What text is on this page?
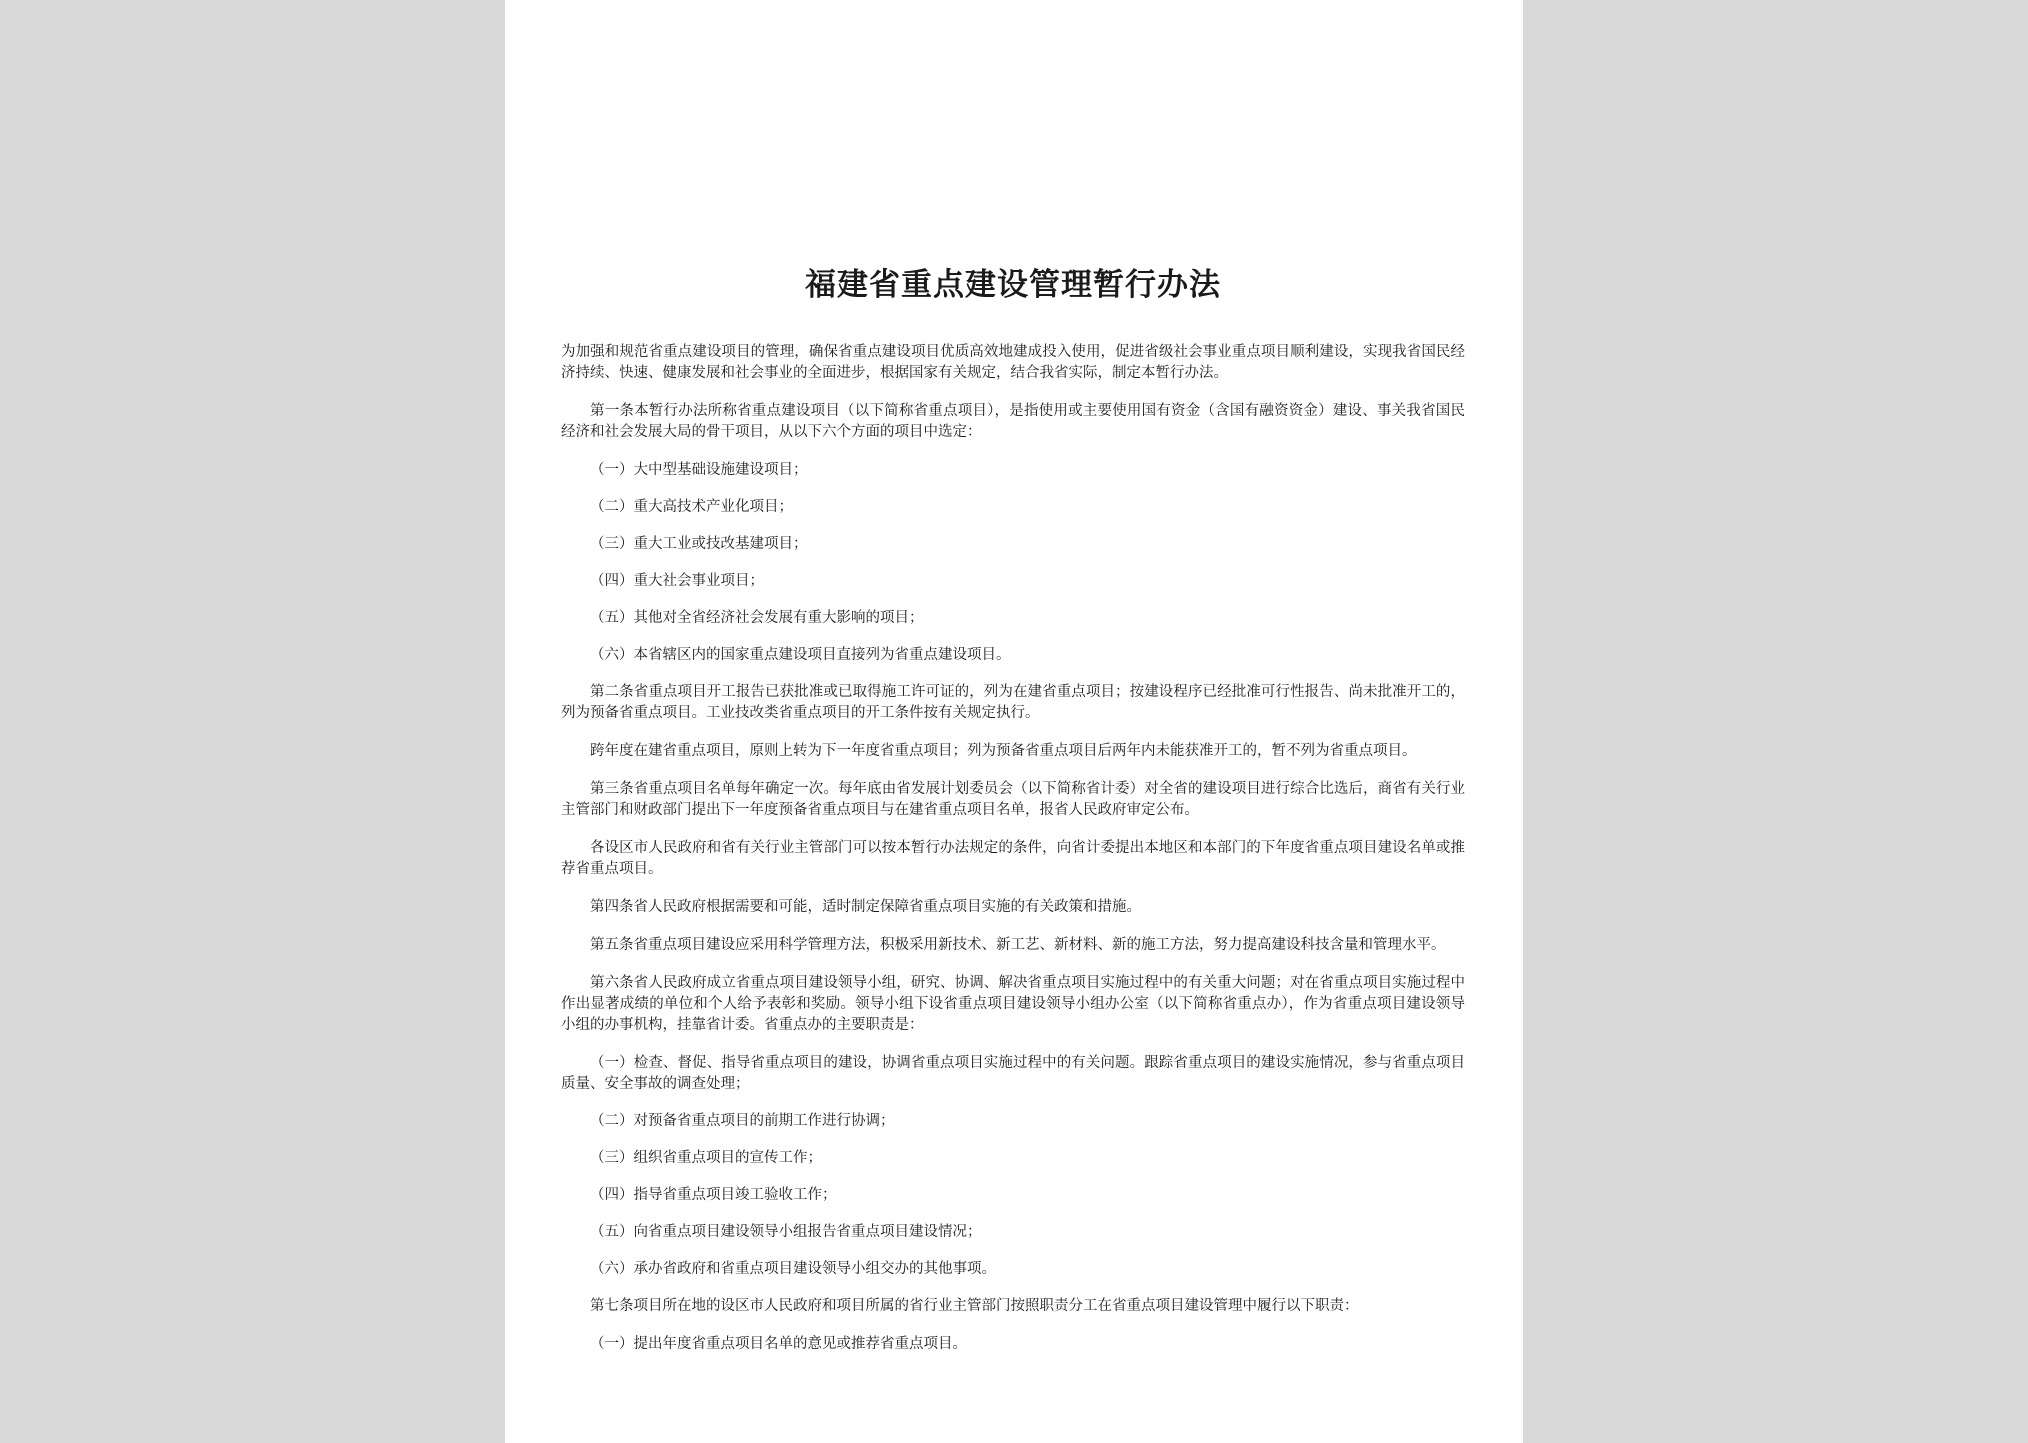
福建省重点建设管理暂行办法

为加强和规范省重点建设项目的管理，确保省重点建设项目优质高效地建成投入使用，促进省级社会事业重点项目顺利建设，实现我省国民经济持续、快速、健康发展和社会事业的全面进步，根据国家有关规定，结合我省实际，制定本暂行办法。

第一条本暂行办法所称省重点建设项目（以下简称省重点项目），是指使用或主要使用国有资金（含国有融资资金）建设、事关我省国民经济和社会发展大局的骨干项目，从以下六个方面的项目中选定：

（一）大中型基础设施建设项目；

（二）重大高技术产业化项目；

（三）重大工业或技改基建项目；

（四）重大社会事业项目；

（五）其他对全省经济社会发展有重大影响的项目；

（六）本省辖区内的国家重点建设项目直接列为省重点建设项目。

第二条省重点项目开工报告已获批准或已取得施工许可证的，列为在建省重点项目；按建设程序已经批准可行性报告、尚未批准开工的，列为预备省重点项目。工业技改类省重点项目的开工条件按有关规定执行。

跨年度在建省重点项目，原则上转为下一年度省重点项目；列为预备省重点项目后两年内未能获准开工的，暂不列为省重点项目。

第三条省重点项目名单每年确定一次。每年底由省发展计划委员会（以下简称省计委）对全省的建设项目进行综合比选后，商省有关行业主管部门和财政部门提出下一年度预备省重点项目与在建省重点项目名单，报省人民政府审定公布。

各设区市人民政府和省有关行业主管部门可以按本暂行办法规定的条件，向省计委提出本地区和本部门的下年度省重点项目建设名单或推荐省重点项目。

第四条省人民政府根据需要和可能，适时制定保障省重点项目实施的有关政策和措施。

第五条省重点项目建设应采用科学管理方法，积极采用新技术、新工艺、新材料、新的施工方法，努力提高建设科技含量和管理水平。

第六条省人民政府成立省重点项目建设领导小组，研究、协调、解决省重点项目实施过程中的有关重大问题；对在省重点项目实施过程中作出显著成绩的单位和个人给予表彰和奖励。领导小组下设省重点项目建设领导小组办公室（以下简称省重点办），作为省重点项目建设领导小组的办事机构，挂靠省计委。省重点办的主要职责是：

（一）检查、督促、指导省重点项目的建设，协调省重点项目实施过程中的有关问题。跟踪省重点项目的建设实施情况，参与省重点项目质量、安全事故的调查处理；

（二）对预备省重点项目的前期工作进行协调；

（三）组织省重点项目的宣传工作；

（四）指导省重点项目竣工验收工作；

（五）向省重点项目建设领导小组报告省重点项目建设情况；

（六）承办省政府和省重点项目建设领导小组交办的其他事项。

第七条项目所在地的设区市人民政府和项目所属的省行业主管部门按照职责分工在省重点项目建设管理中履行以下职责：

（一）提出年度省重点项目名单的意见或推荐省重点项目。
